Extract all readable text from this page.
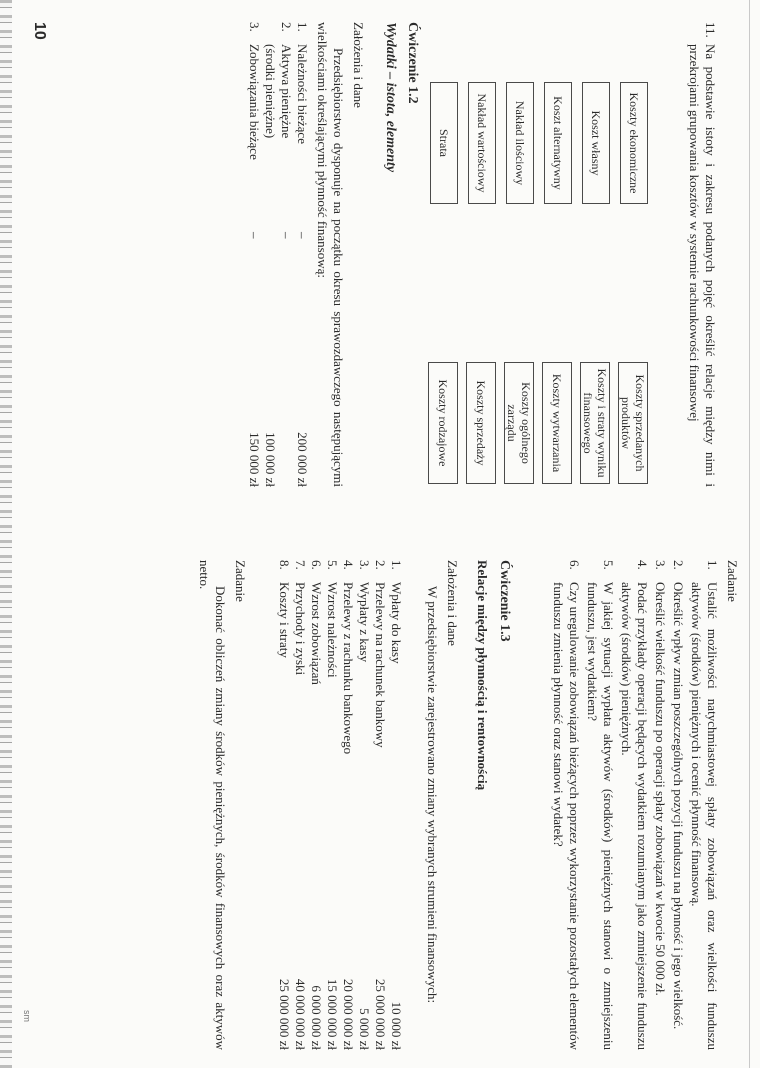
11.
Na podstawie istoty i zakresu podanych pojęć określić relacje między nimi i przekrojami grupowania kosztów w systemie rachunkowości finansowej
Koszty ekonomiczne
Koszt własny
Koszt alternatywny
Nakład ilościowy
Nakład wartościowy
Strata
Koszty sprzedanych produktów
Koszty i straty wyniku finansowego
Koszty wytwarzania
Koszty ogólnego zarządu
Koszty sprzedaży
Koszty rodzajowe
Ćwiczenie 1.2
Wydatki – istota, elementy
Założenia i dane
Przedsiębiorstwo dysponuje na początku okresu sprawozdawczego następującymi wielkościami określającymi płynność finansową:
1.
Należności bieżące
–
200 000 zł
2.
Aktywa pieniężne
–
(środki pieniężne)
100 000 zł
3.
Zobowiązania bieżące
–
150 000 zł
10
Zadanie
1.
Ustalić możliwości natychmiastowej spłaty zobowiązań oraz wielkości funduszu aktywów (środków) pieniężnych i ocenić płynność finansową.
2.
Określić wpływ zmian poszczególnych pozycji funduszu na płynność i jego wielkość.
3.
Określić wielkość funduszu po operacji spłaty zobowiązań w kwocie 50 000 zł.
4.
Podać przykłady operacji będących wydatkiem rozumianym jako zmniejszenie funduszu aktywów (środków) pieniężnych.
5.
W jakiej sytuacji wypłata aktywów (środków) pieniężnych stanowi o zmniejszeniu funduszu, jest wydatkiem?
6.
Czy uregulowanie zobowiązań bieżących poprzez wykorzystanie pozostałych elementów funduszu zmienia płynność oraz stanowi wydatek?
Ćwiczenie 1.3
Relacje między płynnością i rentownością
Założenia i dane
W przedsiębiorstwie zarejestrowano zmiany wybranych strumieni finansowych:
1.
Wpłaty do kasy
10 000 zł
2.
Przelewy na rachunek bankowy
25 000 000 zł
3.
Wypłaty z kasy
5 000 zł
4.
Przelewy z rachunku bankowego
20 000 000 zł
5.
Wzrost należności
15 000 000 zł
6.
Wzrost zobowiązań
6 000 000 zł
7.
Przychody i zyski
40 000 000 zł
8.
Koszty i straty
25 000 000 zł
Zadanie
Dokonać obliczeń zmiany środków pieniężnych, środków finansowych oraz aktywów netto.
sm
